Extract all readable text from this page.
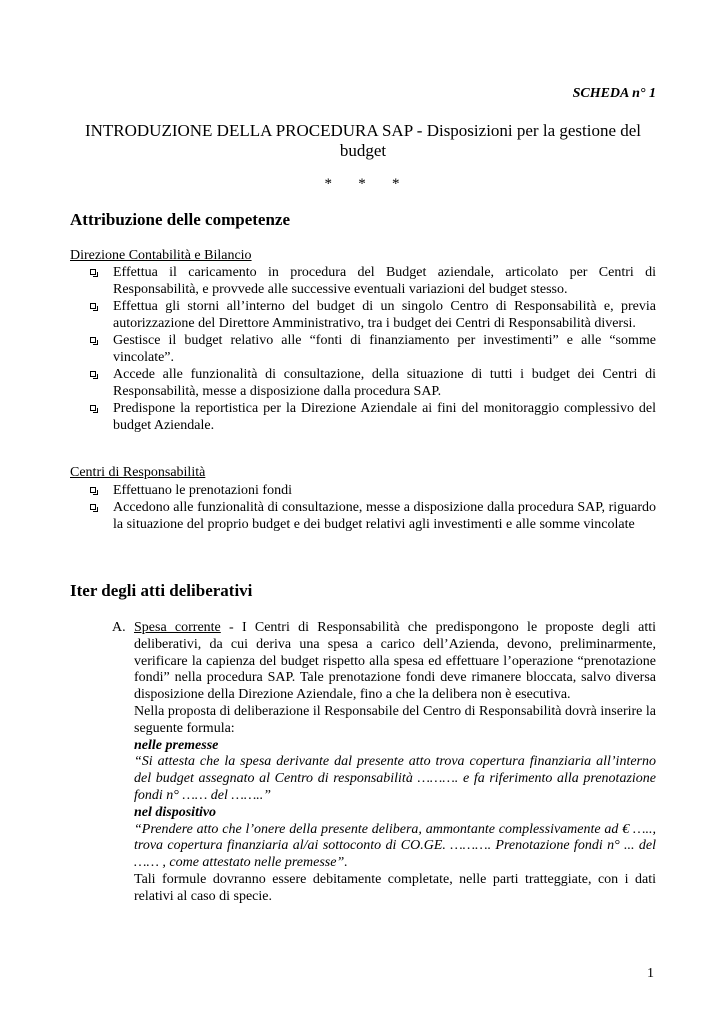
SCHEDA n° 1
INTRODUZIONE DELLA PROCEDURA SAP - Disposizioni per la gestione del budget
* * *
Attribuzione delle competenze
Direzione Contabilità e Bilancio
Effettua il caricamento in procedura del Budget aziendale, articolato per Centri di Responsabilità, e provvede alle successive eventuali variazioni del budget stesso.
Effettua gli storni all’interno del budget di un singolo Centro di Responsabilità e, previa autorizzazione del Direttore Amministrativo, tra i budget dei Centri di Responsabilità diversi.
Gestisce il budget relativo alle “fonti di finanziamento per investimenti” e alle “somme vincolate”.
Accede alle funzionalità di consultazione, della situazione di tutti i budget dei Centri di Responsabilità, messe a disposizione dalla procedura SAP.
Predispone la reportistica per la Direzione Aziendale ai fini del monitoraggio complessivo del budget Aziendale.
Centri di Responsabilità
Effettuano le prenotazioni fondi
Accedono alle funzionalità di consultazione, messe a disposizione dalla procedura SAP, riguardo la situazione del proprio budget e dei budget relativi agli investimenti e alle somme vincolate
Iter degli atti deliberativi
A. Spesa corrente - I Centri di Responsabilità che predispongono le proposte degli atti deliberativi, da cui deriva una spesa a carico dell’Azienda, devono, preliminarmente, verificare la capienza del budget rispetto alla spesa ed effettuare l’operazione “prenotazione fondi” nella procedura SAP. Tale prenotazione fondi deve rimanere bloccata, salvo diversa disposizione della Direzione Aziendale, fino a che la delibera non è esecutiva.

Nella proposta di deliberazione il Responsabile del Centro di Responsabilità dovrà inserire la seguente formula:

nelle premesse

“Si attesta che la spesa derivante dal presente atto trova copertura finanziaria all’interno del budget assegnato al Centro di responsabilità ………. e fa riferimento alla prenotazione fondi n° …… del ……..”

nel dispositivo

“Prendere atto che l’onere della presente delibera, ammontante complessivamente ad € ….., trova copertura finanziaria al/ai sottoconto di CO.GE. ………. Prenotazione fondi n° ... del …… , come attestato nelle premesse”.

Tali formule dovranno essere debitamente completate, nelle parti tratteggiate, con i dati relativi al caso di specie.

1
